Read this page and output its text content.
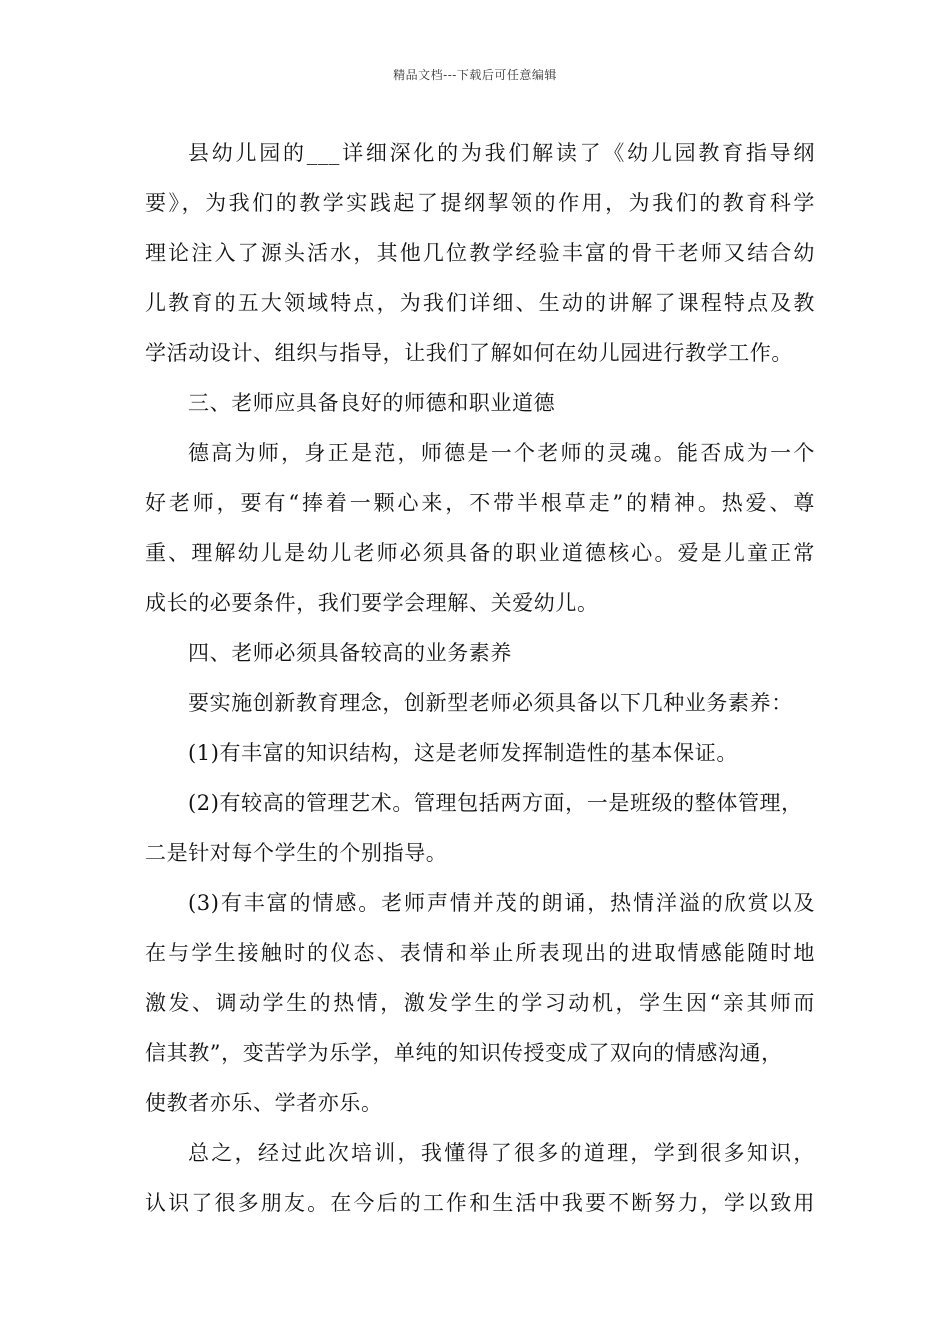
精品文档---下载后可任意编辑
县幼儿园的___详细深化的为我们解读了《幼儿园教育指导纲
要》，为我们的教学实践起了提纲挈领的作用，为我们的教育科学
理论注入了源头活水，其他几位教学经验丰富的骨干老师又结合幼
儿教育的五大领域特点，为我们详细、生动的讲解了课程特点及教
学活动设计、组织与指导，让我们了解如何在幼儿园进行教学工作。
三、老师应具备良好的师德和职业道德
德高为师，身正是范，师德是一个老师的灵魂。能否成为一个
好老师，要有“捧着一颗心来，不带半根草走”的精神。热爱、尊
重、理解幼儿是幼儿老师必须具备的职业道德核心。爱是儿童正常
成长的必要条件，我们要学会理解、关爱幼儿。
四、老师必须具备较高的业务素养
要实施创新教育理念，创新型老师必须具备以下几种业务素养：
(1)有丰富的知识结构，这是老师发挥制造性的基本保证。
(2)有较高的管理艺术。管理包括两方面，一是班级的整体管理，
二是针对每个学生的个别指导。
(3)有丰富的情感。老师声情并茂的朗诵，热情洋溢的欣赏以及
在与学生接触时的仪态、表情和举止所表现出的进取情感能随时地
激发、调动学生的热情，激发学生的学习动机，学生因“亲其师而
信其教”，变苦学为乐学，单纯的知识传授变成了双向的情感沟通，
使教者亦乐、学者亦乐。
总之，经过此次培训，我懂得了很多的道理，学到很多知识，
认识了很多朋友。在今后的工作和生活中我要不断努力，学以致用
